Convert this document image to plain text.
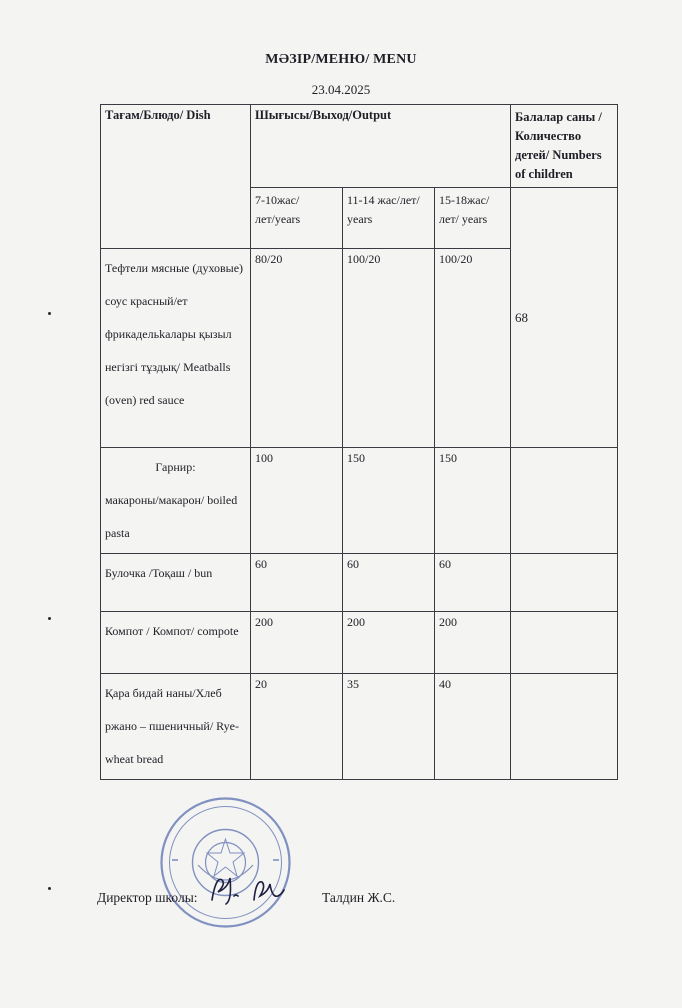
МӘЗІР/МЕНЮ/ MENU
23.04.2025
Тағам/Блюдо/ Dish	Шығысы/Выход/Output			Балалар саны /Количество детей/ Numbers of children
	7-10жас/лет/years	11-14 жас/лет/ years	15-18жас/лет/ years	68
Тефтели мясные (духовые) соус красный/ет фрикадельkалары қызыл негізгі тұздық/ Meatballs (oven) red sauce	80/20	100/20	100/20	

Гарнир:
макароны/макарон/ boiled pasta	100	150	150	
Булочка /Тоқаш / bun	60	60	60	
Компот / Компот/ compote	200	200	200	
Қара бидай наны/Хлеб ржано – пшеничный/ Rye-wheat bread	20	35	40	
Директор школы:	Талдин Ж.С.
